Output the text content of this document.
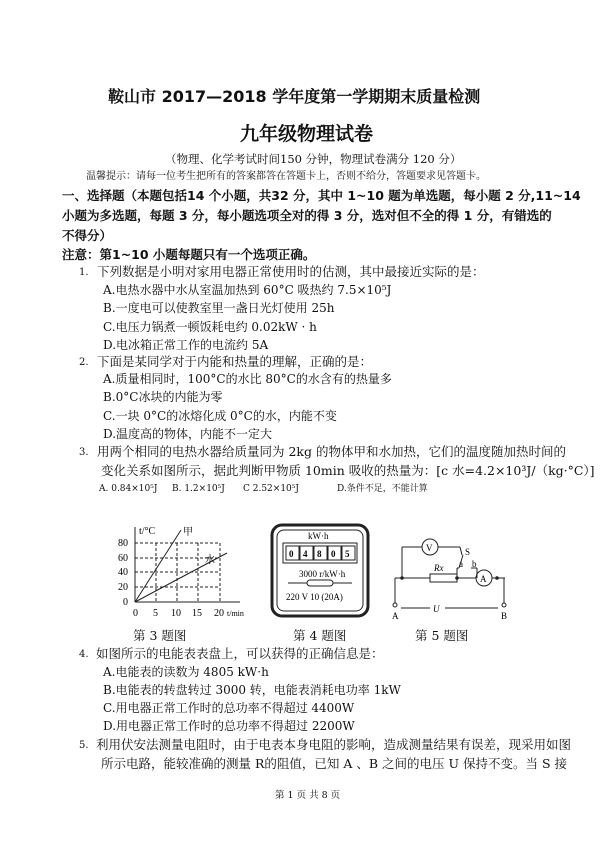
鞍山市 2017—2018 学年度第一学期期末质量检测
九年级物理试卷
（物理、化学考试时间150 分钟，物理试卷满分 120 分）
温馨提示：请每一位考生把所有的答案都答在答题卡上，否则不给分，答题要求见答题卡。
一、选择题（本题包括14 个小题，共32 分，其中 1~10 题为单选题，每小题 2 分,11~14
小题为多选题，每题 3 分，每小题选项全对的得 3 分，选对但不全的得 1 分，有错选的
不得分）
注意：第1~10 小题每题只有一个选项正确。
1. 下列数据是小明对家用电器正常使用时的估测，其中最接近实际的是：
A.电热水器中水从室温加热到 60°C 吸热约 7.5×10⁵J
B.一度电可以使教室里一盏日光灯使用 25h
C.电压力锅煮一顿饭耗电约 0.02kW · h
D.电冰箱正常工作的电流约 5A
2. 下面是某同学对于内能和热量的理解，正确的是：
A.质量相同时，100°C的水比 80°C的水含有的热量多
B.0°C冰块的内能为零
C.一块 0°C的冰熔化成 0°C的水，内能不变
D.温度高的物体，内能不一定大
3. 用两个相同的电热水器给质量同为 2kg 的物体甲和水加热，它们的温度随加热时间的
变化关系如图所示，据此判断甲物质 10min 吸收的热量为：[c 水=4.2×10³J/（kg·°C）]
A. 0.84×10⁵J B. 1.2×10⁵J C 2.52×10⁵J	D.条件不足，不能计算
t/°C
80
60
40
20
0
0 5 10 15 20 t/min
甲
水
第 3 题图
kW·h
0 4 8 0 5
3000 r/kW·h
220 V 10 (20A)
第 4 题图
V
A
S
a b
Rx
U
A	B
第 5 题图
4. 如图所示的电能表表盘上，可以获得的正确信息是：
A.电能表的读数为 4805 kW·h
B.电能表的转盘转过 3000 转，电能表消耗电功率 1kW
C.用电器正常工作时的总功率不得超过 4400W
D.用电器正常工作时的总功率不得超过 2200W
5. 利用伏安法测量电阻时，由于电表本身电阻的影响，造成测量结果有误差，现采用如图
所示电路，能较准确的测量 R的阻值，已知 A 、B 之间的电压 U 保持不变。当 S 接
第 1 页 共 8 页
